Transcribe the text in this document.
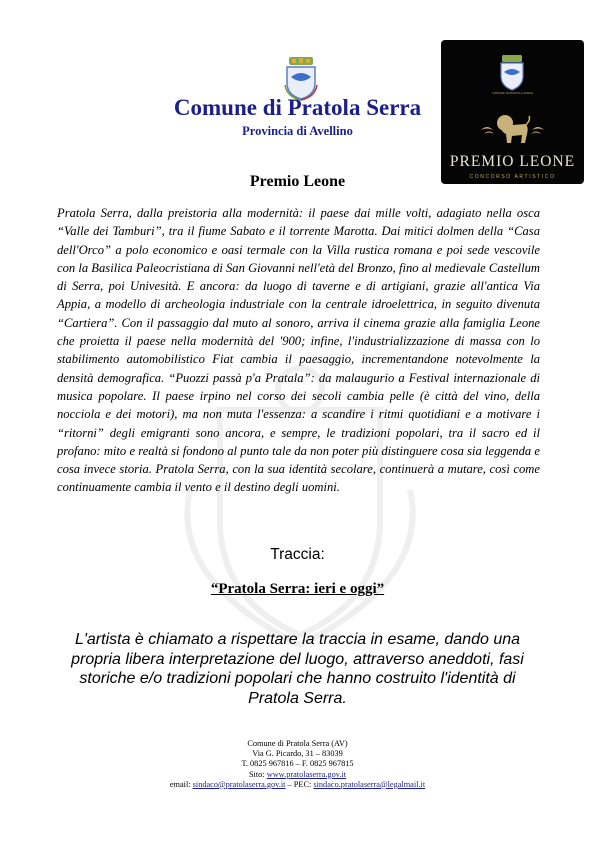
Comune di Pratola Serra
Provincia di Avellino
COMUNE DI PRATOLA SERRA
PREMIO LEONE
CONCORSO ARTISTICO
Premio Leone
Pratola Serra, dalla preistoria alla modernità: il paese dai mille volti, adagiato nella osca “Valle dei Tamburi”, tra il fiume Sabato e il torrente Marotta. Dai mitici dolmen della “Casa dell'Orco” a polo economico e oasi termale con la Villa rustica romana e poi sede vescovile con la Basilica Paleocristiana di San Giovanni nell'età del Bronzo, fino al medievale Castellum di Serra, poi Univesità. E ancora: da luogo di taverne e di artigiani, grazie all'antica Via Appia, a modello di archeologia industriale con la centrale idroelettrica, in seguito divenuta “Cartiera”. Con il passaggio dal muto al sonoro, arriva il cinema grazie alla famiglia Leone che proietta il paese nella modernità del '900; infine, l'industrializzazione di massa con lo stabilimento automobilistico Fiat cambia il paesaggio, incrementandone notevolmente la densità demografica. “Puozzi passà p'a Pratala”: da malaugurio a Festival internazionale di musica popolare. Il paese irpino nel corso dei secoli cambia pelle (è città del vino, della nocciola e dei motori), ma non muta l'essenza: a scandire i ritmi quotidiani e a motivare i “ritorni” degli emigranti sono ancora, e sempre, le tradizioni popolari, tra il sacro ed il profano: mito e realtà si fondono al punto tale da non poter più distinguere cosa sia leggenda e cosa invece storia. Pratola Serra, con la sua identità secolare, continuerà a mutare, così come continuamente cambia il vento e il destino degli uomini.
Traccia:
“Pratola Serra: ieri e oggi”
L'artista è chiamato a rispettare la traccia in esame, dando una propria libera interpretazione del luogo, attraverso aneddoti, fasi storiche e/o tradizioni popolari che hanno costruito l'identità di Pratola Serra.
Comune di Pratola Serra (AV)
Via G. Picardo, 31 – 83039
T. 0825 967816 – F. 0825 967815
Sito: www.pratolaserra.gov.it
email: sindaco@pratolaserra.gov.it – PEC: sindaco.pratolaserra@legalmail.it
